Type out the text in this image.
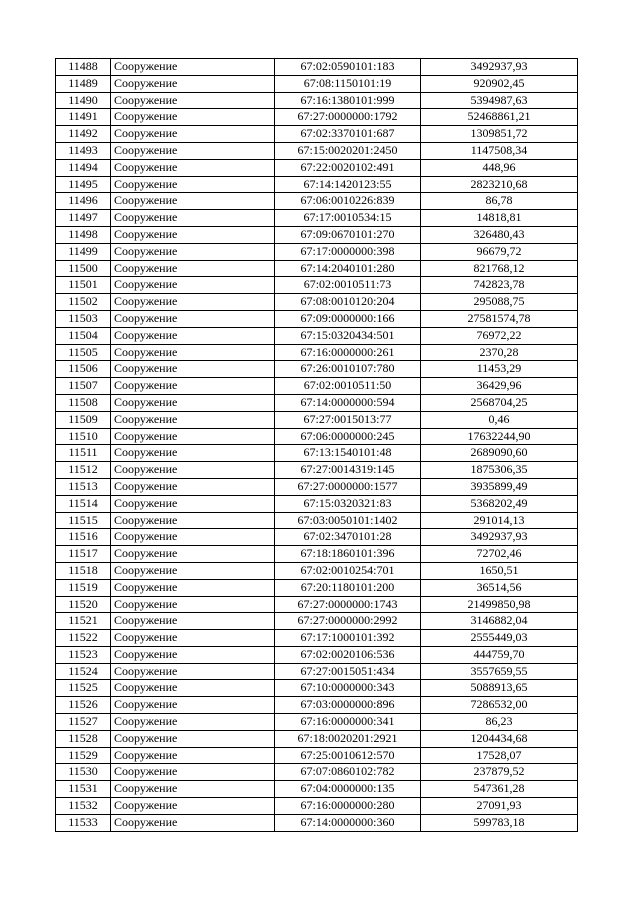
11488	Сооружение	67:02:0590101:183	3492937,93
11489	Сооружение	67:08:1150101:19	920902,45
11490	Сооружение	67:16:1380101:999	5394987,63
11491	Сооружение	67:27:0000000:1792	52468861,21
11492	Сооружение	67:02:3370101:687	1309851,72
11493	Сооружение	67:15:0020201:2450	1147508,34
11494	Сооружение	67:22:0020102:491	448,96
11495	Сооружение	67:14:1420123:55	2823210,68
11496	Сооружение	67:06:0010226:839	86,78
11497	Сооружение	67:17:0010534:15	14818,81
11498	Сооружение	67:09:0670101:270	326480,43
11499	Сооружение	67:17:0000000:398	96679,72
11500	Сооружение	67:14:2040101:280	821768,12
11501	Сооружение	67:02:0010511:73	742823,78
11502	Сооружение	67:08:0010120:204	295088,75
11503	Сооружение	67:09:0000000:166	27581574,78
11504	Сооружение	67:15:0320434:501	76972,22
11505	Сооружение	67:16:0000000:261	2370,28
11506	Сооружение	67:26:0010107:780	11453,29
11507	Сооружение	67:02:0010511:50	36429,96
11508	Сооружение	67:14:0000000:594	2568704,25
11509	Сооружение	67:27:0015013:77	0,46
11510	Сооружение	67:06:0000000:245	17632244,90
11511	Сооружение	67:13:1540101:48	2689090,60
11512	Сооружение	67:27:0014319:145	1875306,35
11513	Сооружение	67:27:0000000:1577	3935899,49
11514	Сооружение	67:15:0320321:83	5368202,49
11515	Сооружение	67:03:0050101:1402	291014,13
11516	Сооружение	67:02:3470101:28	3492937,93
11517	Сооружение	67:18:1860101:396	72702,46
11518	Сооружение	67:02:0010254:701	1650,51
11519	Сооружение	67:20:1180101:200	36514,56
11520	Сооружение	67:27:0000000:1743	21499850,98
11521	Сооружение	67:27:0000000:2992	3146882,04
11522	Сооружение	67:17:1000101:392	2555449,03
11523	Сооружение	67:02:0020106:536	444759,70
11524	Сооружение	67:27:0015051:434	3557659,55
11525	Сооружение	67:10:0000000:343	5088913,65
11526	Сооружение	67:03:0000000:896	7286532,00
11527	Сооружение	67:16:0000000:341	86,23
11528	Сооружение	67:18:0020201:2921	1204434,68
11529	Сооружение	67:25:0010612:570	17528,07
11530	Сооружение	67:07:0860102:782	237879,52
11531	Сооружение	67:04:0000000:135	547361,28
11532	Сооружение	67:16:0000000:280	27091,93
11533	Сооружение	67:14:0000000:360	599783,18
